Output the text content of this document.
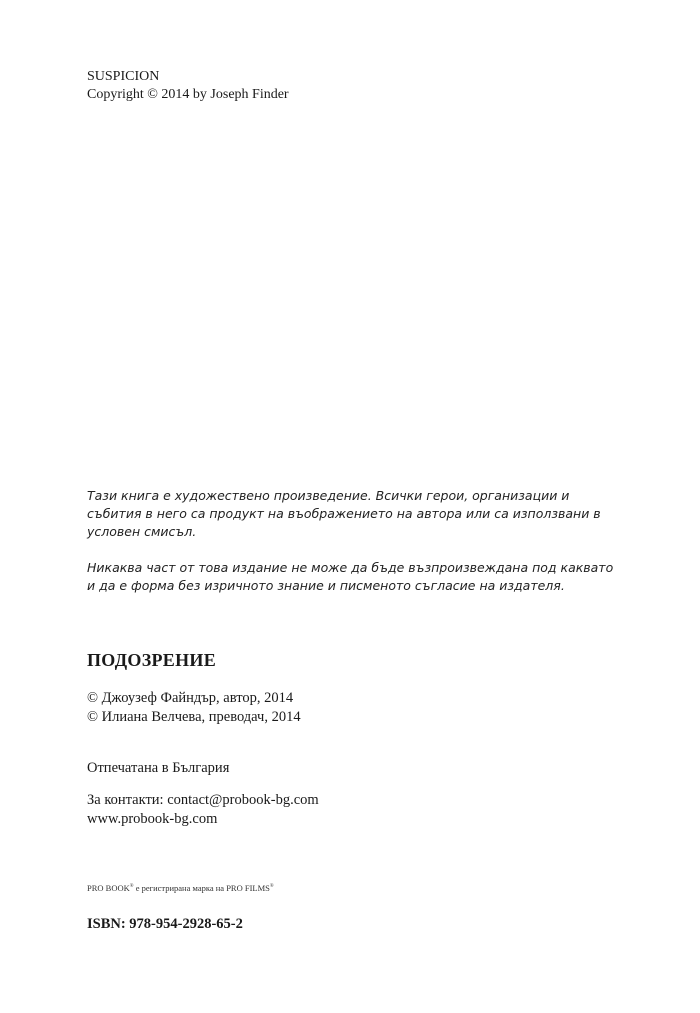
SUSPICION
Copyright © 2014 by Joseph Finder

Тази книга е художествено произведение. Всички герои, организации и събития в него са продукт на въображението на автора или са използвани в условен смисъл.

Никаква част от това издание не може да бъде възпроизвеждана под каквато и да е форма без изричното знание и писменото съгласие на издателя.

ПОДОЗРЕНИЕ
© Джоузеф Файндър, автор, 2014
© Илиана Велчева, преводач, 2014
Отпечатана в България
За контакти: contact@probook-bg.com
www.probook-bg.com
PRO BOOK® е регистрирана марка на PRO FILMS®
ISBN: 978-954-2928-65-2
